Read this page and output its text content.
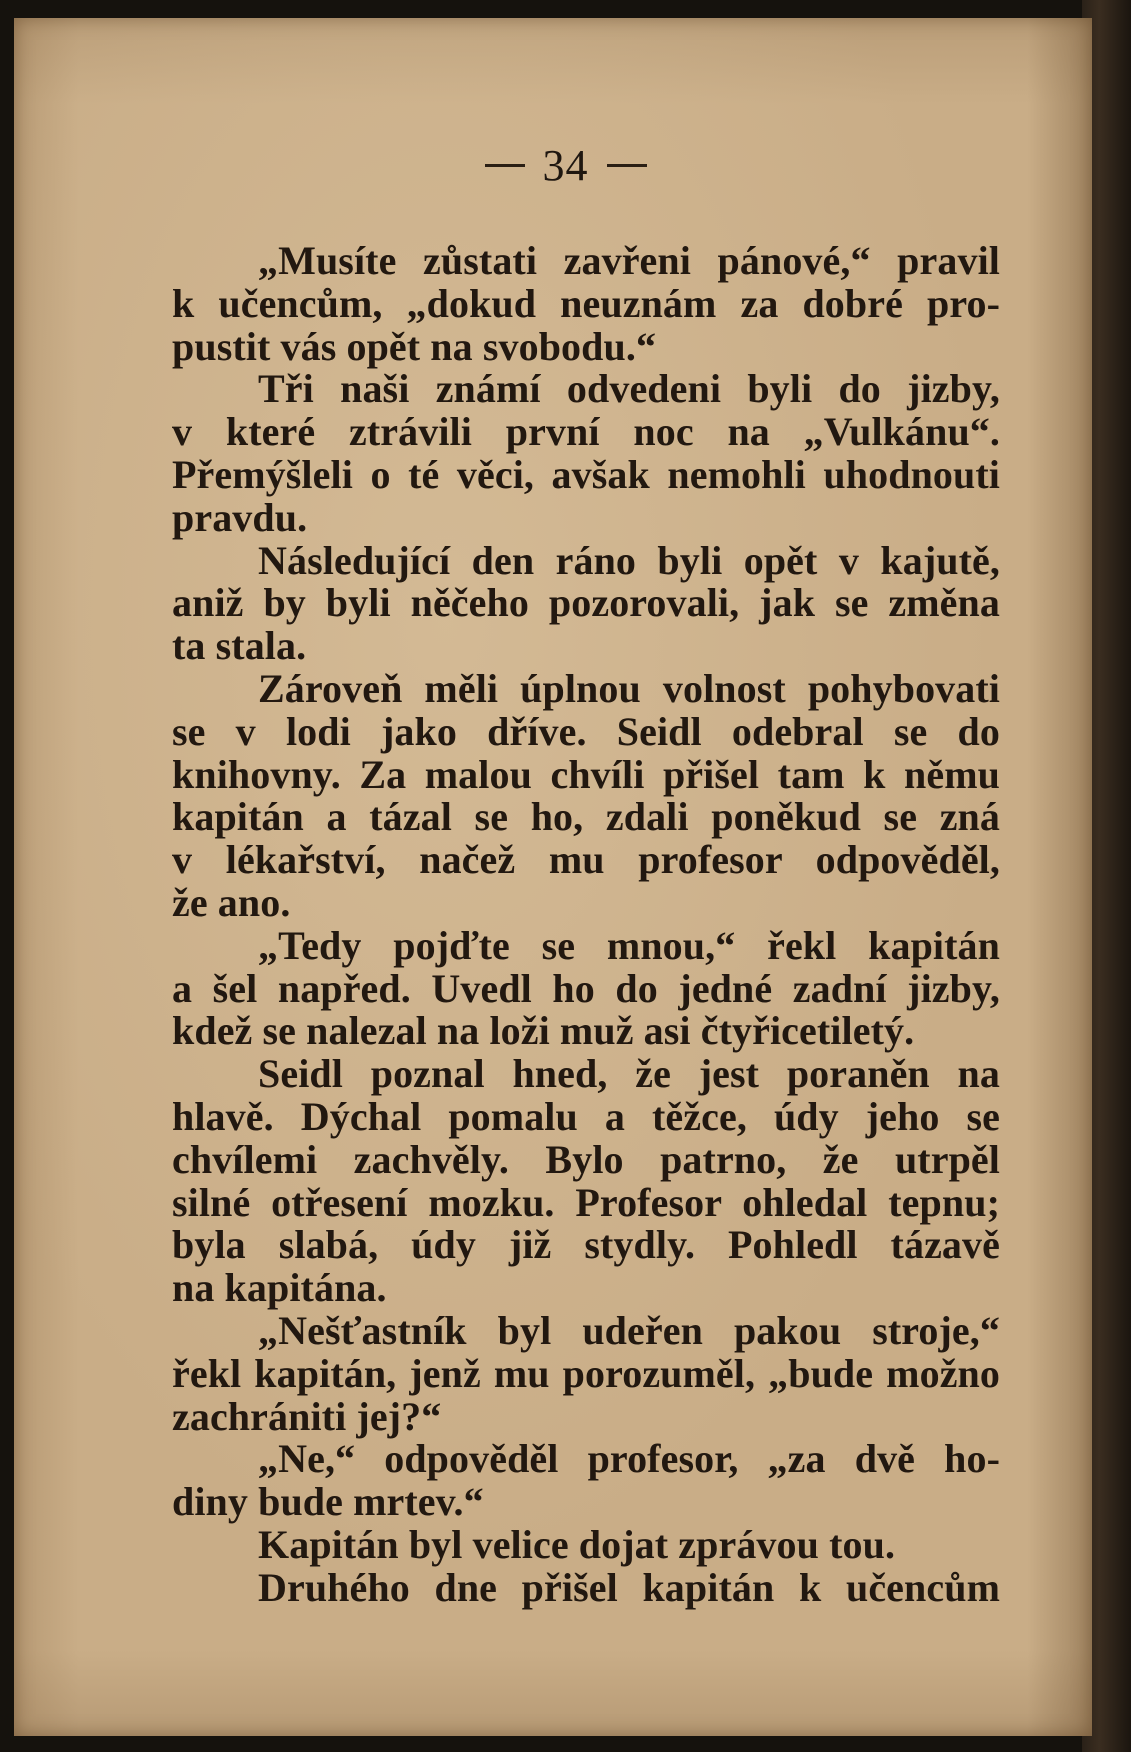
34
„Musíte zůstati zavřeni pánové,“ pravil
k učencům, „dokud neuznám za dobré pro-
pustit vás opět na svobodu.“
Tři naši známí odvedeni byli do jizby,
v které ztrávili první noc na „Vulkánu“.
Přemýšleli o té věci, avšak nemohli uhodnouti
pravdu.
Následující den ráno byli opět v kajutě,
aniž by byli něčeho pozorovali, jak se změna
ta stala.
Zároveň měli úplnou volnost pohybovati
se v lodi jako dříve. Seidl odebral se do
knihovny. Za malou chvíli přišel tam k němu
kapitán a tázal se ho, zdali poněkud se zná
v lékařství, načež mu profesor odpověděl,
že ano.
„Tedy pojďte se mnou,“ řekl kapitán
a šel napřed. Uvedl ho do jedné zadní jizby,
kdež se nalezal na loži muž asi čtyřicetiletý.
Seidl poznal hned, že jest poraněn na
hlavě. Dýchal pomalu a těžce, údy jeho se
chvílemi zachvěly. Bylo patrno, že utrpěl
silné otřesení mozku. Profesor ohledal tepnu;
byla slabá, údy již stydly. Pohledl tázavě
na kapitána.
„Nešťastník byl udeřen pakou stroje,“
řekl kapitán, jenž mu porozuměl, „bude možno
zachrániti jej?“
„Ne,“ odpověděl profesor, „za dvě ho-
diny bude mrtev.“
Kapitán byl velice dojat zprávou tou.
Druhého dne přišel kapitán k učencům
